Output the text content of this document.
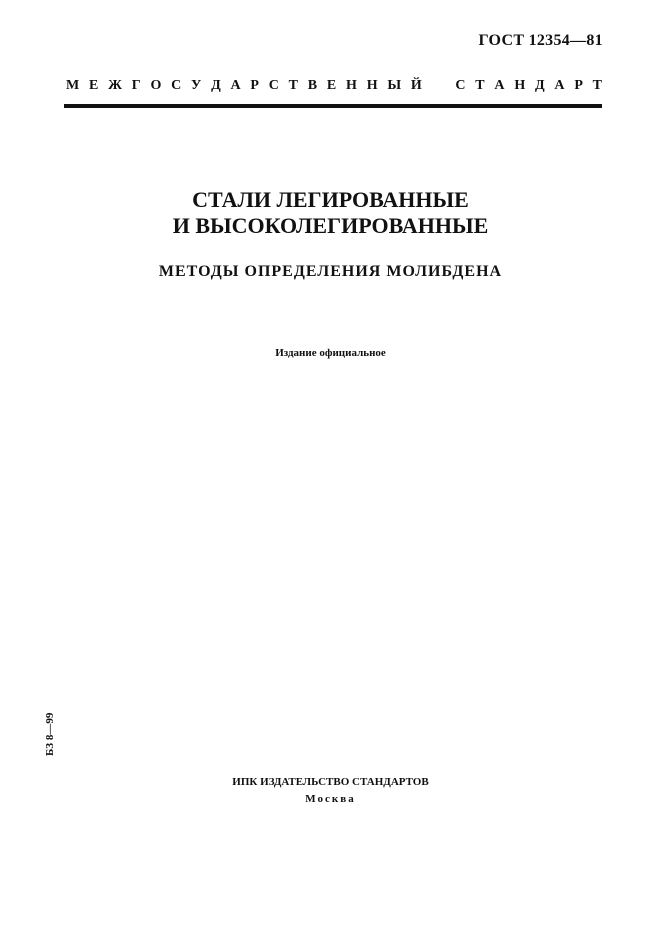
ГОСТ 12354—81
М Е Ж Г О С У Д А Р С Т В Е Н Н Ы Й С Т А Н Д А Р Т
СТАЛИ ЛЕГИРОВАННЫЕ
И ВЫСОКОЛЕГИРОВАННЫЕ
МЕТОДЫ ОПРЕДЕЛЕНИЯ МОЛИБДЕНА
Издание официальное
БЗ 8—99
ИПК ИЗДАТЕЛЬСТВО СТАНДАРТОВ
Москва
